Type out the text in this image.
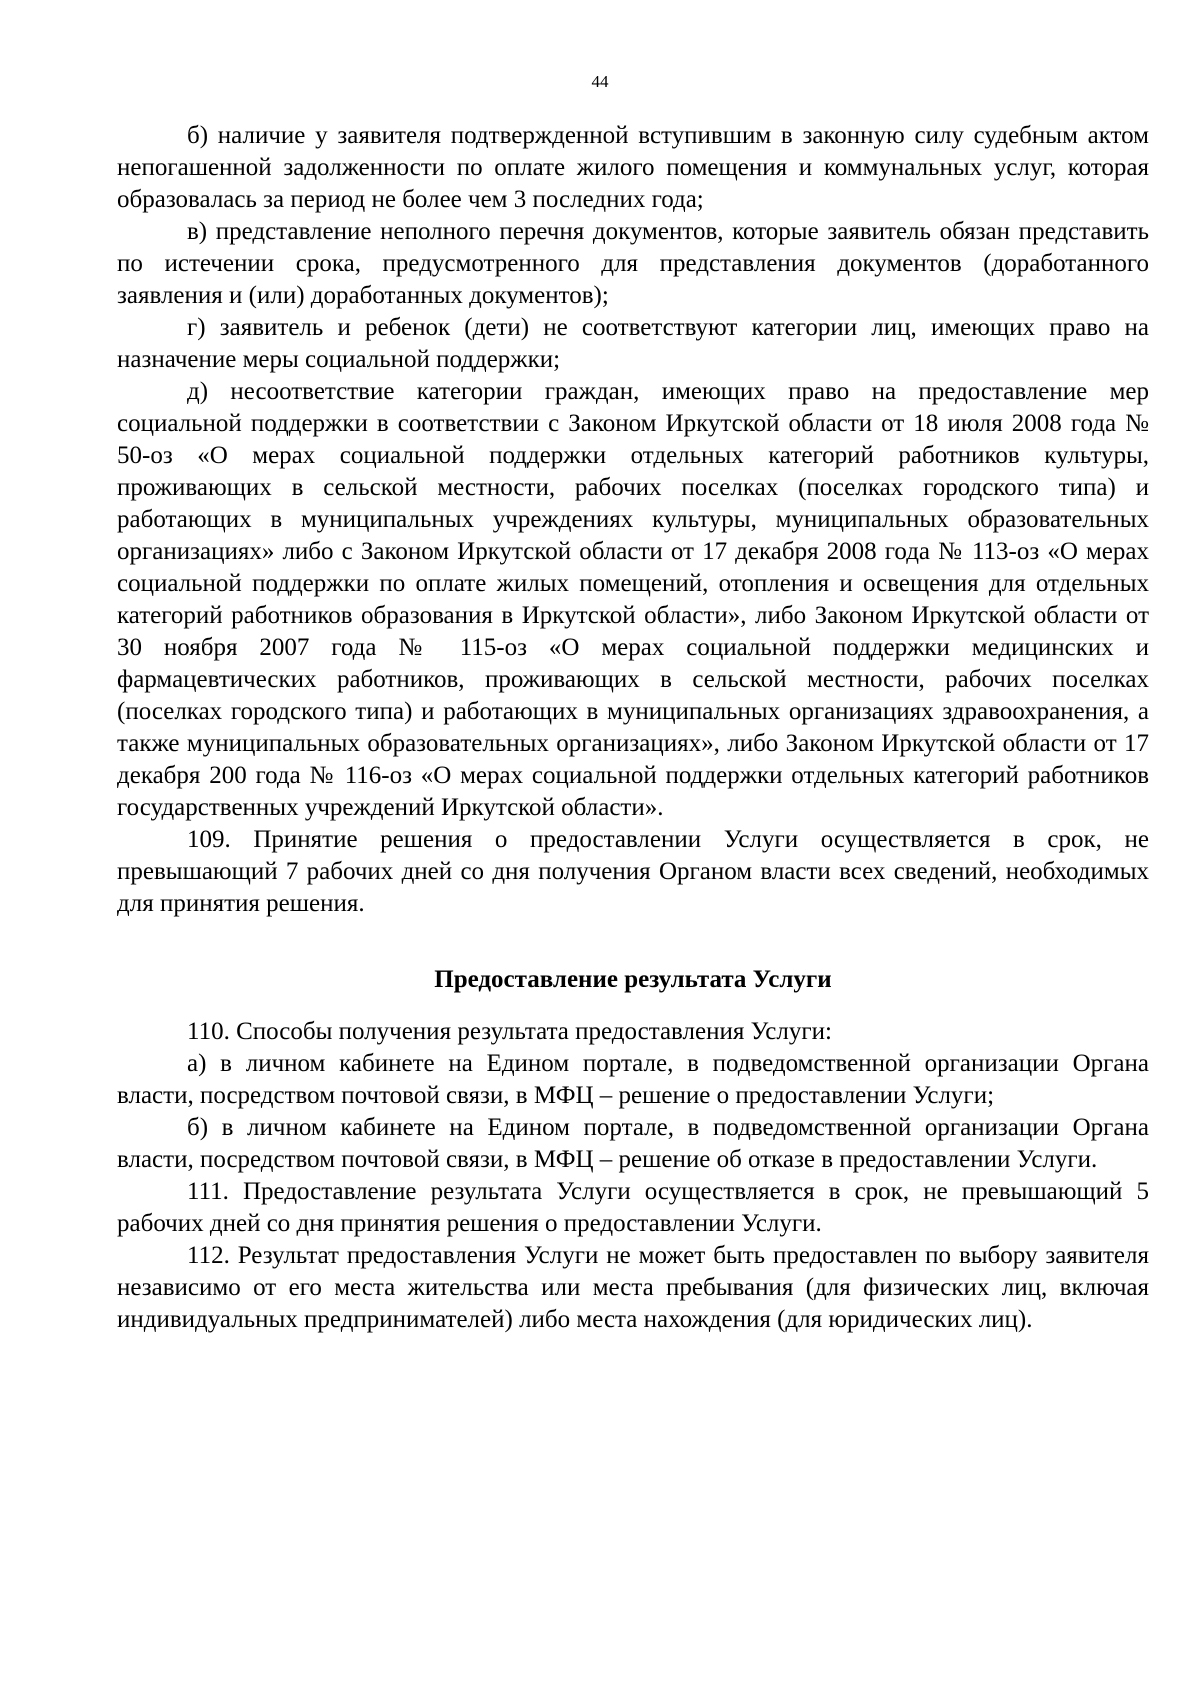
44

б) наличие у заявителя подтвержденной вступившим в законную силу судебным актом непогашенной задолженности по оплате жилого помещения и коммунальных услуг, которая образовалась за период не более чем 3 последних года;

в) представление неполного перечня документов, которые заявитель обязан представить по истечении срока, предусмотренного для представления документов (доработанного заявления и (или) доработанных документов);

г) заявитель и ребенок (дети) не соответствуют категории лиц, имеющих право на назначение меры социальной поддержки;

д) несоответствие категории граждан, имеющих право на предоставление мер социальной поддержки в соответствии с Законом Иркутской области от 18 июля 2008 года № 50-оз «О мерах социальной поддержки отдельных категорий работников культуры, проживающих в сельской местности, рабочих поселках (поселках городского типа) и работающих в муниципальных учреждениях культуры, муниципальных образовательных организациях» либо с Законом Иркутской области от 17 декабря 2008 года № 113-оз «О мерах социальной поддержки по оплате жилых помещений, отопления и освещения для отдельных категорий работников образования в Иркутской области», либо Законом Иркутской области от 30 ноября 2007 года № 115-оз «О мерах социальной поддержки медицинских и фармацевтических работников, проживающих в сельской местности, рабочих поселках (поселках городского типа) и работающих в муниципальных организациях здравоохранения, а также муниципальных образовательных организациях», либо Законом Иркутской области от 17 декабря 200 года № 116-оз «О мерах социальной поддержки отдельных категорий работников государственных учреждений Иркутской области».

109. Принятие решения о предоставлении Услуги осуществляется в срок, не превышающий 7 рабочих дней со дня получения Органом власти всех сведений, необходимых для принятия решения.

Предоставление результата Услуги

110. Способы получения результата предоставления Услуги:

а) в личном кабинете на Едином портале, в подведомственной организации Органа власти, посредством почтовой связи, в МФЦ – решение о предоставлении Услуги;

б) в личном кабинете на Едином портале, в подведомственной организации Органа власти, посредством почтовой связи, в МФЦ – решение об отказе в предоставлении Услуги.

111. Предоставление результата Услуги осуществляется в срок, не превышающий 5 рабочих дней со дня принятия решения о предоставлении Услуги.

112. Результат предоставления Услуги не может быть предоставлен по выбору заявителя независимо от его места жительства или места пребывания (для физических лиц, включая индивидуальных предпринимателей) либо места нахождения (для юридических лиц).
